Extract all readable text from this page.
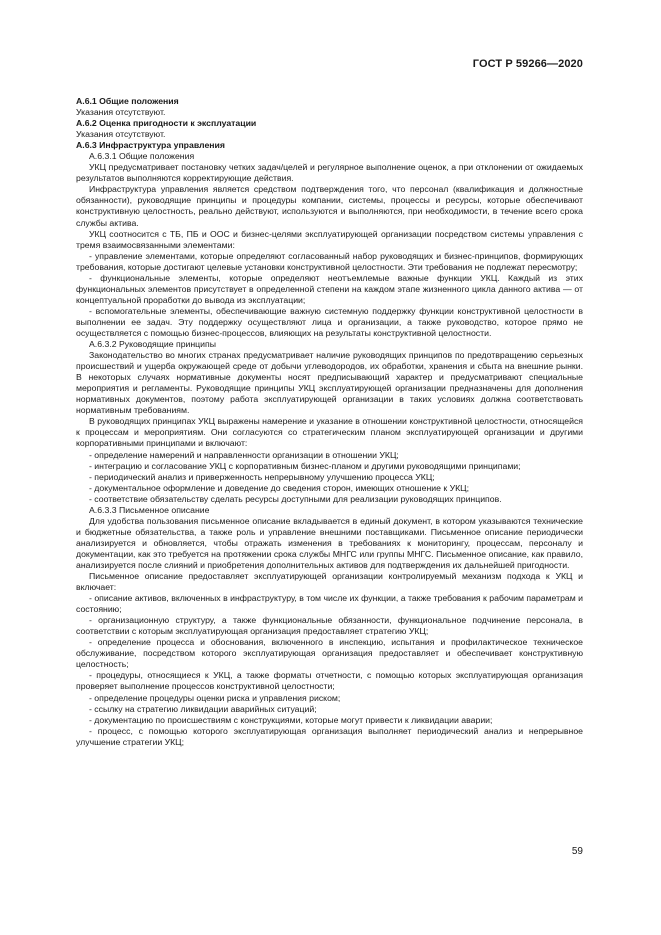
ГОСТ Р 59266—2020

А.6.1 Общие положения

Указания отсутствуют.

А.6.2 Оценка пригодности к эксплуатации

Указания отсутствуют.

А.6.3 Инфраструктура управления

А.6.3.1 Общие положения

УКЦ предусматривает постановку четких задач/целей и регулярное выполнение оценок, а при отклонении от ожидаемых результатов выполняются корректирующие действия.

Инфраструктура управления является средством подтверждения того, что персонал (квалификация и должностные обязанности), руководящие принципы и процедуры компании, системы, процессы и ресурсы, которые обеспечивают конструктивную целостность, реально действуют, используются и выполняются, при необходимости, в течение всего срока службы актива.

УКЦ соотносится с ТБ, ПБ и ООС и бизнес-целями эксплуатирующей организации посредством системы управления с тремя взаимосвязанными элементами:

- управление элементами, которые определяют согласованный набор руководящих и бизнес-принципов, формирующих требования, которые достигают целевые установки конструктивной целостности. Эти требования не подлежат пересмотру;

- функциональные элементы, которые определяют неотъемлемые важные функции УКЦ. Каждый из этих функциональных элементов присутствует в определенной степени на каждом этапе жизненного цикла данного актива — от концептуальной проработки до вывода из эксплуатации;

- вспомогательные элементы, обеспечивающие важную системную поддержку функции конструктивной целостности в выполнении ее задач. Эту поддержку осуществляют лица и организации, а также руководство, которое прямо не осуществляется с помощью бизнес-процессов, влияющих на результаты конструктивной целостности.

А.6.3.2 Руководящие принципы

Законодательство во многих странах предусматривает наличие руководящих принципов по предотвращению серьезных происшествий и ущерба окружающей среде от добычи углеводородов, их обработки, хранения и сбыта на внешние рынки. В некоторых случаях нормативные документы носят предписывающий характер и предусматривают специальные мероприятия и регламенты. Руководящие принципы УКЦ эксплуатирующей организации предназначены для дополнения нормативных документов, поэтому работа эксплуатирующей организации в таких условиях должна соответствовать нормативным требованиям.

В руководящих принципах УКЦ выражены намерение и указание в отношении конструктивной целостности, относящейся к процессам и мероприятиям. Они согласуются со стратегическим планом эксплуатирующей организации и другими корпоративными принципами и включают:

- определение намерений и направленности организации в отношении УКЦ;

- интеграцию и согласование УКЦ с корпоративным бизнес-планом и другими руководящими принципами;

- периодический анализ и приверженность непрерывному улучшению процесса УКЦ;

- документальное оформление и доведение до сведения сторон, имеющих отношение к УКЦ;

- соответствие обязательству сделать ресурсы доступными для реализации руководящих принципов.

А.6.3.3 Письменное описание

Для удобства пользования письменное описание вкладывается в единый документ, в котором указываются технические и бюджетные обязательства, а также роль и управление внешними поставщиками. Письменное описание периодически анализируется и обновляется, чтобы отражать изменения в требованиях к мониторингу, процессам, персоналу и документации, как это требуется на протяжении срока службы МНГС или группы МНГС. Письменное описание, как правило, анализируется после слияний и приобретения дополнительных активов для подтверждения их дальнейшей пригодности.

Письменное описание предоставляет эксплуатирующей организации контролируемый механизм подхода к УКЦ и включает:

- описание активов, включенных в инфраструктуру, в том числе их функции, а также требования к рабочим параметрам и состоянию;

- организационную структуру, а также функциональные обязанности, функциональное подчинение персонала, в соответствии с которым эксплуатирующая организация предоставляет стратегию УКЦ;

- определение процесса и обоснования, включенного в инспекцию, испытания и профилактическое техническое обслуживание, посредством которого эксплуатирующая организация предоставляет и обеспечивает конструктивную целостность;

- процедуры, относящиеся к УКЦ, а также форматы отчетности, с помощью которых эксплуатирующая организация проверяет выполнение процессов конструктивной целостности;

- определение процедуры оценки риска и управления риском;

- ссылку на стратегию ликвидации аварийных ситуаций;

- документацию по происшествиям с конструкциями, которые могут привести к ликвидации аварии;

- процесс, с помощью которого эксплуатирующая организация выполняет периодический анализ и непрерывное улучшение стратегии УКЦ;

59
